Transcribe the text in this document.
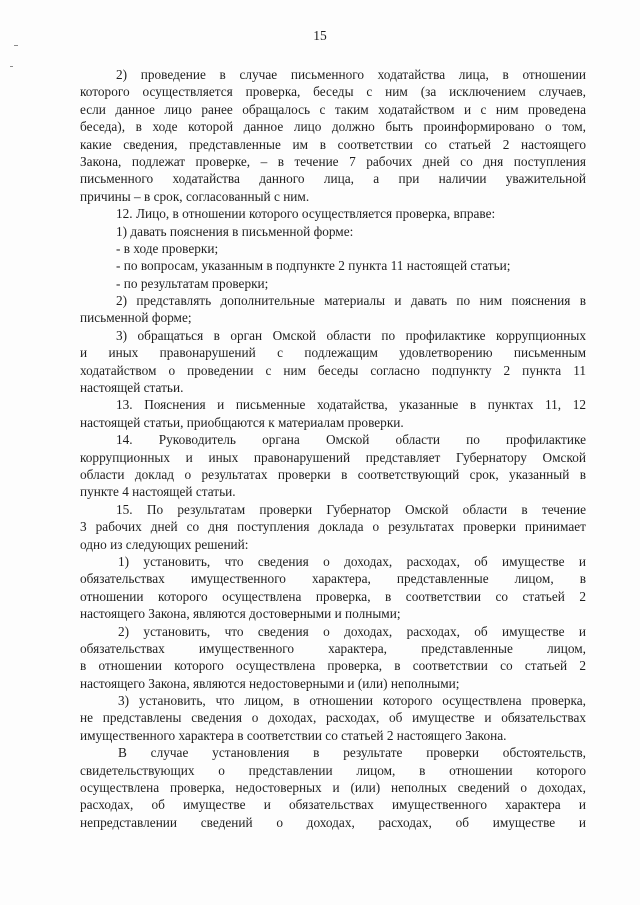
15
2) проведение в случае письменного ходатайства лица, в отношении
которого осуществляется проверка, беседы с ним (за исключением случаев,
если данное лицо ранее обращалось с таким ходатайством и с ним проведена
беседа), в ходе которой данное лицо должно быть проинформировано о том,
какие сведения, представленные им в соответствии со статьей 2 настоящего
Закона, подлежат проверке, – в течение 7 рабочих дней со дня поступления
письменного ходатайства данного лица, а при наличии уважительной
причины – в срок, согласованный с ним.
12. Лицо, в отношении которого осуществляется проверка, вправе:
1) давать пояснения в письменной форме:
- в ходе проверки;
- по вопросам, указанным в подпункте 2 пункта 11 настоящей статьи;
- по результатам проверки;
2) представлять дополнительные материалы и давать по ним пояснения в
письменной форме;
3) обращаться в орган Омской области по профилактике коррупционных
и иных правонарушений с подлежащим удовлетворению письменным
ходатайством о проведении с ним беседы согласно подпункту 2 пункта 11
настоящей статьи.
13. Пояснения и письменные ходатайства, указанные в пунктах 11, 12
настоящей статьи, приобщаются к материалам проверки.
14. Руководитель органа Омской области по профилактике
коррупционных и иных правонарушений представляет Губернатору Омской
области доклад о результатах проверки в соответствующий срок, указанный в
пункте 4 настоящей статьи.
15. По результатам проверки Губернатор Омской области в течение
3 рабочих дней со дня поступления доклада о результатах проверки принимает
одно из следующих решений:
1) установить, что сведения о доходах, расходах, об имуществе и
обязательствах имущественного характера, представленные лицом, в
отношении которого осуществлена проверка, в соответствии со статьей 2
настоящего Закона, являются достоверными и полными;
2) установить, что сведения о доходах, расходах, об имуществе и
обязательствах имущественного характера, представленные лицом,
в отношении которого осуществлена проверка, в соответствии со статьей 2
настоящего Закона, являются недостоверными и (или) неполными;
3) установить, что лицом, в отношении которого осуществлена проверка,
не представлены сведения о доходах, расходах, об имуществе и обязательствах
имущественного характера в соответствии со статьей 2 настоящего Закона.
В случае установления в результате проверки обстоятельств,
свидетельствующих о представлении лицом, в отношении которого
осуществлена проверка, недостоверных и (или) неполных сведений о доходах,
расходах, об имуществе и обязательствах имущественного характера и
непредставлении сведений о доходах, расходах, об имуществе и
